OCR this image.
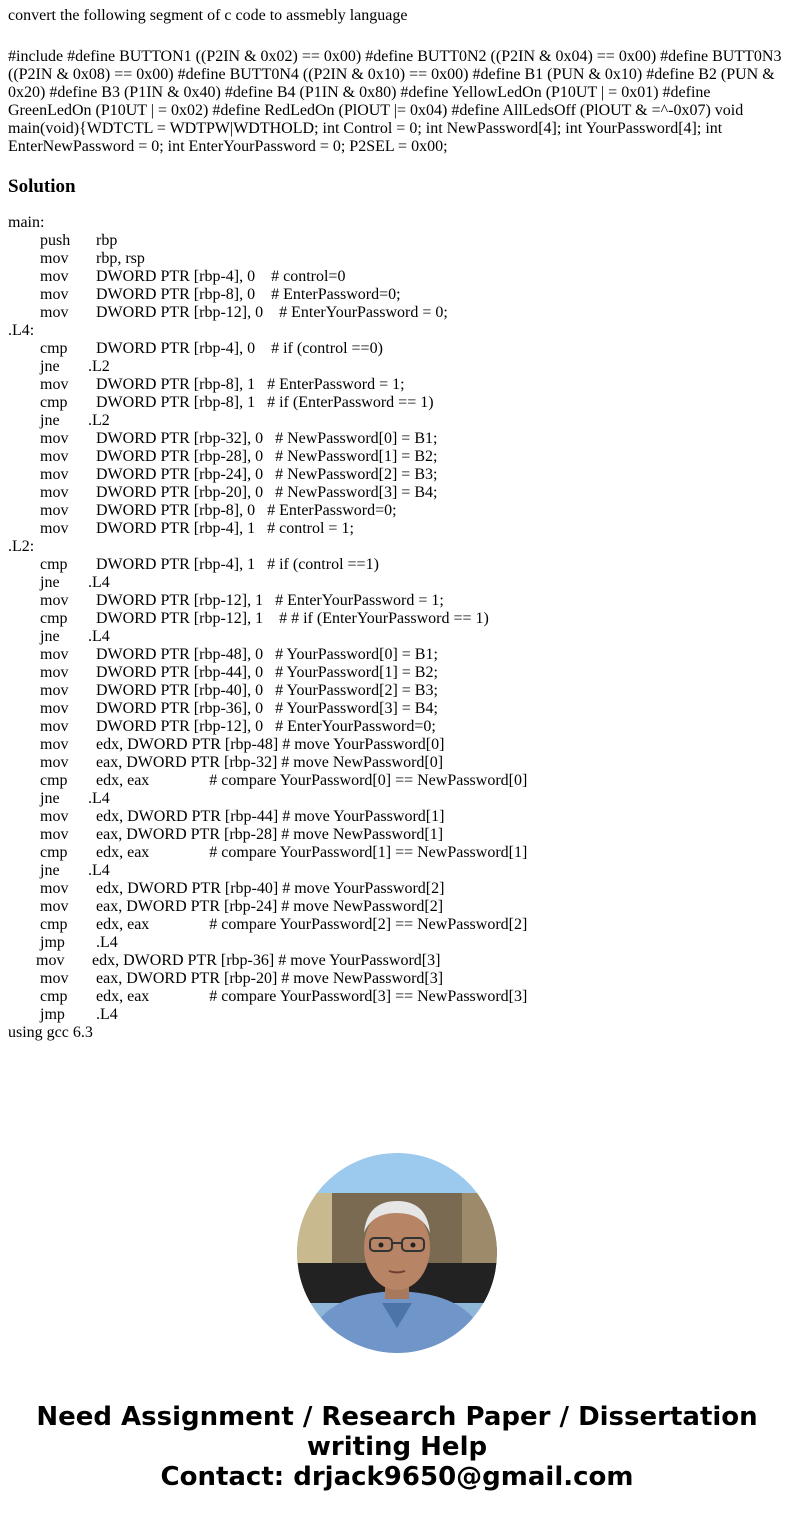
convert the following segment of c code to assmebly language
#include #define BUTTON1 ((P2IN & 0x02) == 0x00) #define BUTT0N2 ((P2IN & 0x04) == 0x00) #define BUTT0N3 ((P2IN & 0x08) == 0x00) #define BUTT0N4 ((P2IN & 0x10) == 0x00) #define B1 (PUN & 0x10) #define B2 (PUN & 0x20) #define B3 (P1IN & 0x40) #define B4 (P1IN & 0x80) #define YellowLedOn (P10UT | = 0x01) #define GreenLedOn (P10UT | = 0x02) #define RedLedOn (PlOUT |= 0x04) #define AllLedsOff (PlOUT & =^-0x07) void main(void){WDTCTL = WDTPW|WDTHOLD; int Control = 0; int NewPassword[4]; int YourPassword[4]; int EnterNewPassword = 0; int EnterYourPassword = 0; P2SEL = 0x00;
Solution
main:
push  rbp
mov  rbp, rsp
mov  DWORD PTR [rbp-4], 0    # control=0
mov  DWORD PTR [rbp-8], 0    # EnterPassword=0;
mov  DWORD PTR [rbp-12], 0    # EnterYourPassword = 0;
.L4:
cmp  DWORD PTR [rbp-4], 0    # if (control ==0)
jne .L2
mov  DWORD PTR [rbp-8], 1   # EnterPassword = 1;
cmp  DWORD PTR [rbp-8], 1   # if (EnterPassword == 1)
jne .L2
mov  DWORD PTR [rbp-32], 0   # NewPassword[0] = B1;
mov  DWORD PTR [rbp-28], 0   # NewPassword[1] = B2;
mov  DWORD PTR [rbp-24], 0   # NewPassword[2] = B3;
mov  DWORD PTR [rbp-20], 0   # NewPassword[3] = B4;
mov  DWORD PTR [rbp-8], 0   # EnterPassword=0;
mov  DWORD PTR [rbp-4], 1   # control = 1;
.L2:
cmp  DWORD PTR [rbp-4], 1   # if (control ==1)
jne .L4
mov  DWORD PTR [rbp-12], 1   # EnterYourPassword = 1;
cmp  DWORD PTR [rbp-12], 1    # # if (EnterYourPassword == 1)
jne .L4
mov  DWORD PTR [rbp-48], 0   # YourPassword[0] = B1;
mov  DWORD PTR [rbp-44], 0   # YourPassword[1] = B2;
mov  DWORD PTR [rbp-40], 0   # YourPassword[2] = B3;
mov  DWORD PTR [rbp-36], 0   # YourPassword[3] = B4;
mov  DWORD PTR [rbp-12], 0   # EnterYourPassword=0;
mov  edx, DWORD PTR [rbp-48] # move YourPassword[0]
mov  eax, DWORD PTR [rbp-32] # move NewPassword[0]
cmp  edx, eax               # compare YourPassword[0] == NewPassword[0]
jne .L4
mov  edx, DWORD PTR [rbp-44] # move YourPassword[1]
mov  eax, DWORD PTR [rbp-28] # move NewPassword[1]
cmp  edx, eax               # compare YourPassword[1] == NewPassword[1]
jne .L4
mov  edx, DWORD PTR [rbp-40] # move YourPassword[2]
mov  eax, DWORD PTR [rbp-24] # move NewPassword[2]
cmp  edx, eax               # compare YourPassword[2] == NewPassword[2]
jmp  .L4
mov  edx, DWORD PTR [rbp-36] # move YourPassword[3]
mov  eax, DWORD PTR [rbp-20] # move NewPassword[3]
cmp  edx, eax               # compare YourPassword[3] == NewPassword[3]
jmp  .L4
using gcc 6.3
Need Assignment / Research Paper / Dissertation
writing Help
Contact: drjack9650@gmail.com
